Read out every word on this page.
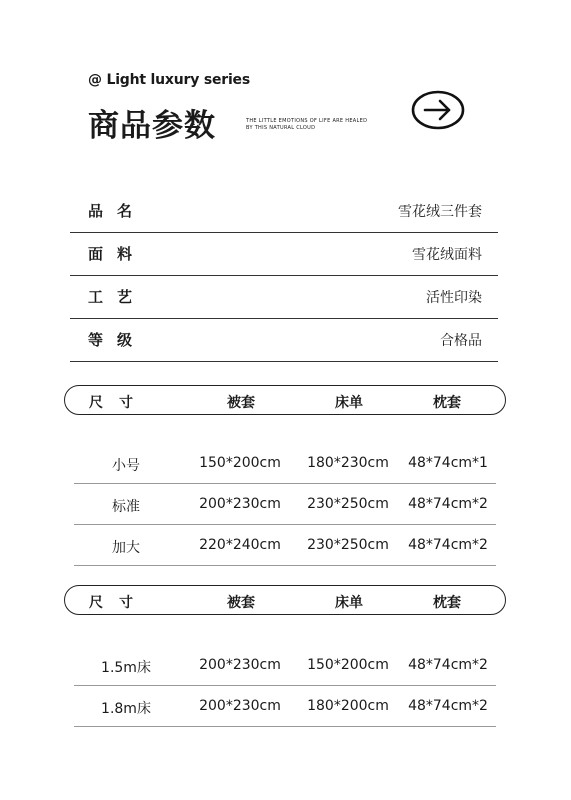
@ Light luxury series
商品参数	THE LITTLE EMOTIONS OF LIFE ARE HEALED
BY THIS NATURAL CLOUD
品名	雪花绒三件套
面料	雪花绒面料
工艺	活性印染
等级	合格品
尺寸	被套	床单	枕套
小号	150*200cm 180*230cm 48*74cm*1
标准	200*230cm 230*250cm 48*74cm*2
加大	220*240cm 230*250cm 48*74cm*2
尺寸	被套	床单	枕套
1.5m床	200*230cm 150*200cm 48*74cm*2
1.8m床	200*230cm 180*200cm 48*74cm*2
